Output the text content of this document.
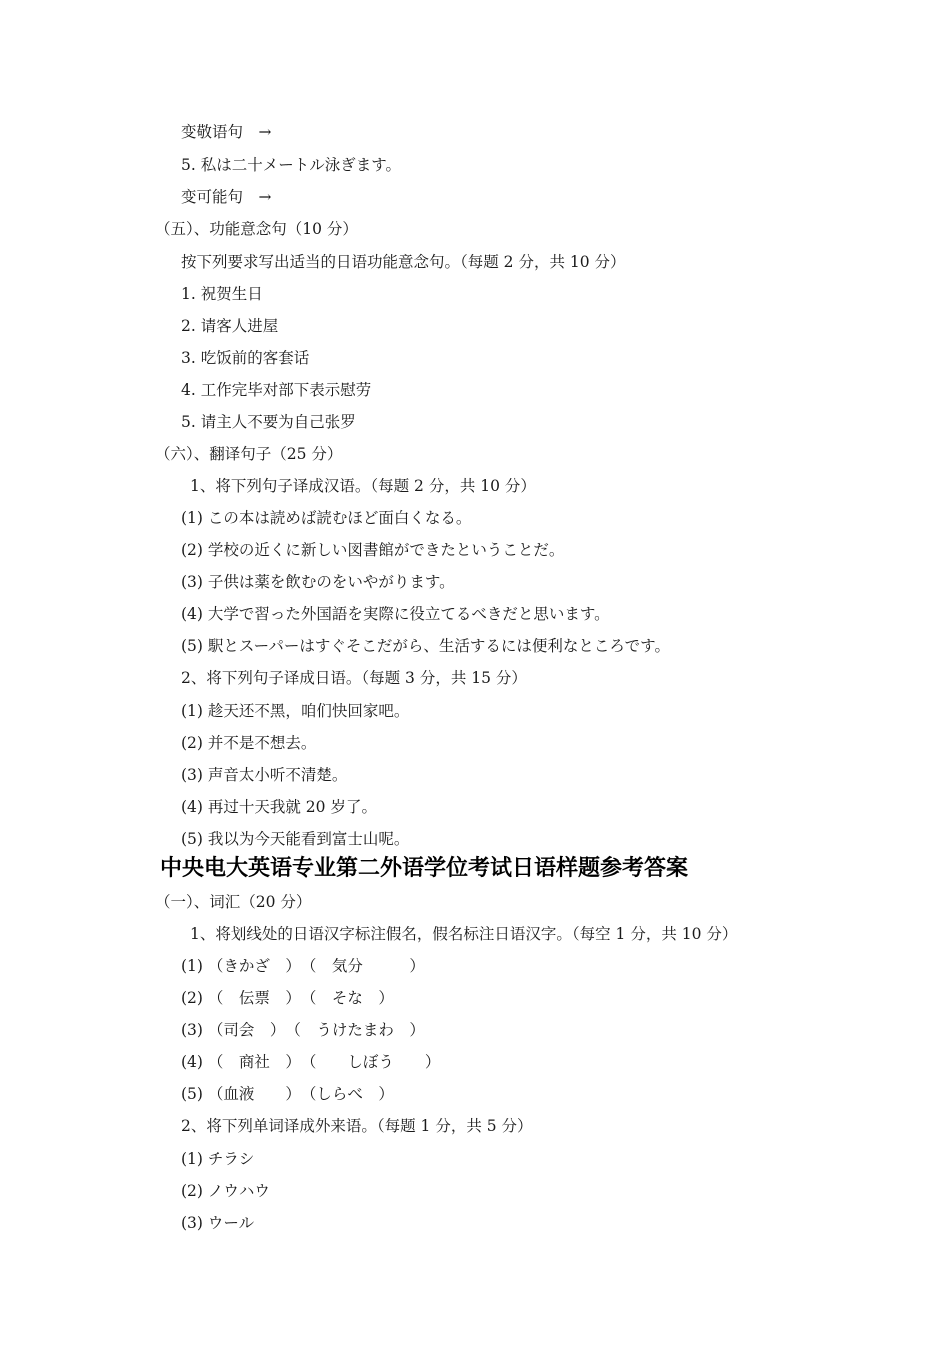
变敬语句　→
5. 私は二十メートル泳ぎます。
变可能句　→
（五）、功能意念句（10 分）
按下列要求写出适当的日语功能意念句。（每题 2 分，共 10 分）
1. 祝贺生日
2. 请客人进屋
3. 吃饭前的客套话
4. 工作完毕对部下表示慰劳
5. 请主人不要为自己张罗
（六）、翻译句子（25 分）
1、将下列句子译成汉语。（每题 2 分，共 10 分）
(1) この本は読めば読むほど面白くなる。
(2) 学校の近くに新しい図書館ができたということだ。
(3) 子供は薬を飲むのをいやがります。
(4) 大学で習った外国語を実際に役立てるべきだと思います。
(5) 駅とスーパーはすぐそこだがら、生活するには便利なところです。
2、将下列句子译成日语。（每题 3 分，共 15 分）
(1) 趁天还不黑，咱们快回家吧。
(2) 并不是不想去。
(3) 声音太小听不清楚。
(4) 再过十天我就 20 岁了。
(5) 我以为今天能看到富士山呢。
中央电大英语专业第二外语学位考试日语样题参考答案
（一）、词汇（20 分）
1、将划线处的日语汉字标注假名，假名标注日语汉字。（每空 1 分，共 10 分）
(1) （きかざ　）　（　気分　　　）
(2) （　伝票　）　（　そな　）
(3) （司会　）　（　うけたまわ　）
(4) （　商社　）　（　　しぼう　　）
(5) （血液　　）　（しらべ　）
2、将下列单词译成外来语。（每题 1 分，共 5 分）
(1) チラシ
(2) ノウハウ
(3) ウール
